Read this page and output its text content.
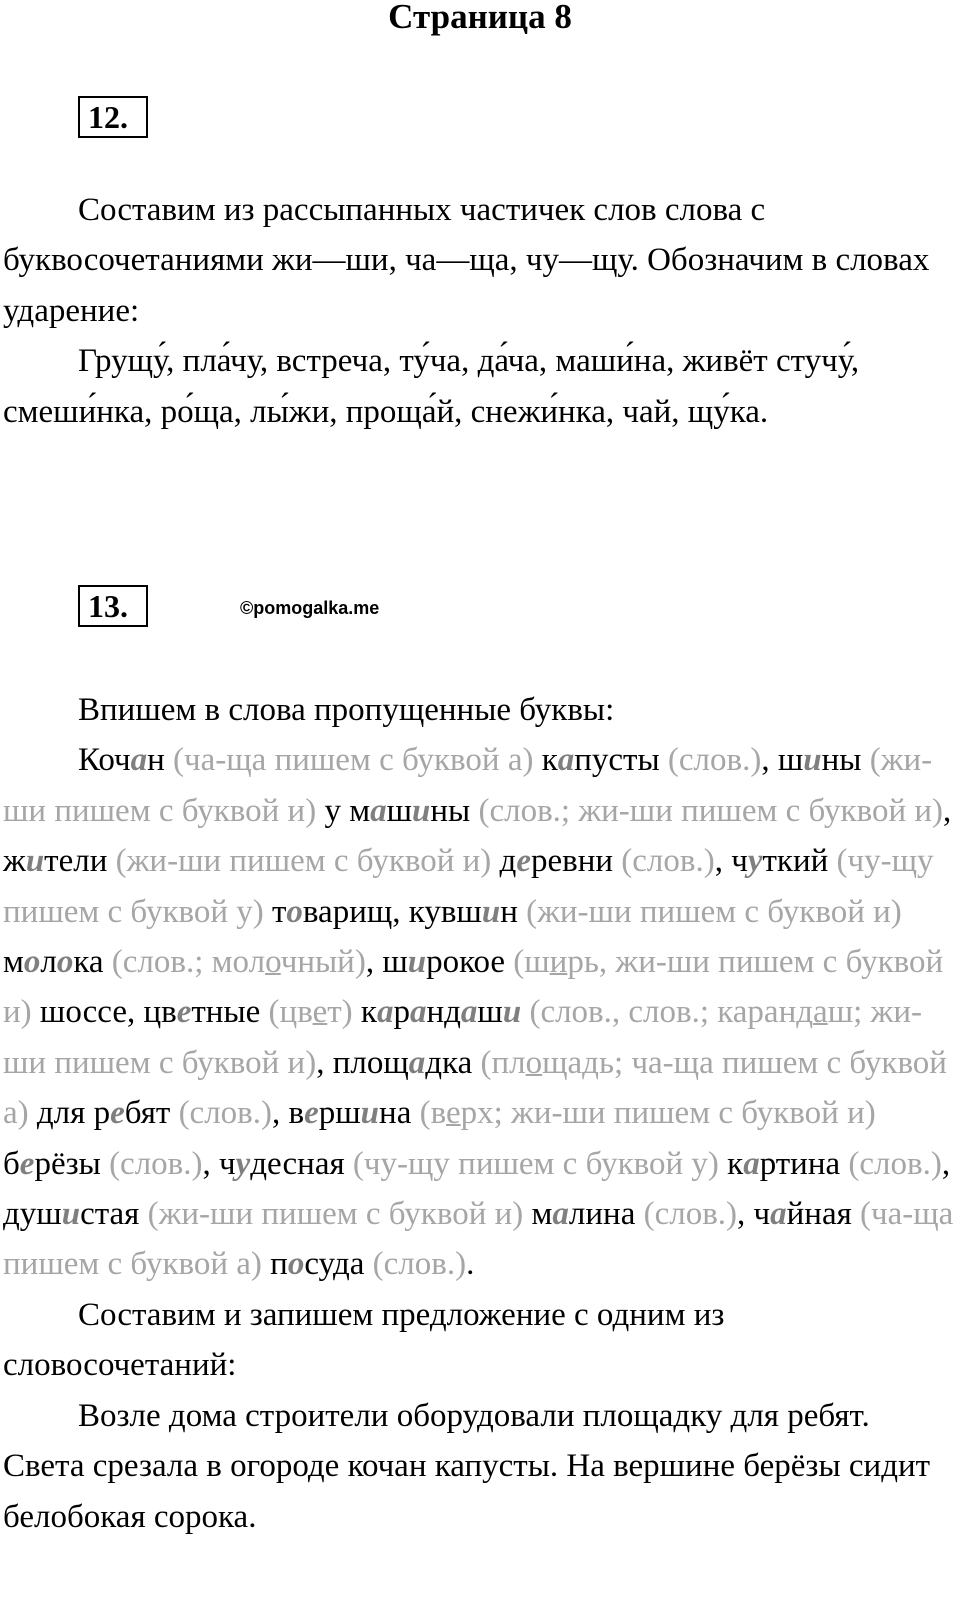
Страница 8
12.

Составим из рассыпанных частичек слов слова с буквосочетаниями жи—ши, ча—ща, чу—щу. Обозначим в словах ударение:

Грущу́, пла́чу, встреча, ту́ча, да́ча, маши́на, живёт стучу́, смеши́нка, ро́ща, лы́жи, проща́й, снежи́нка, чай, щу́ка.

13.	©pomogalka.me

Впишем в слова пропущенные буквы:

Кочан (ча-ща пишем с буквой а) капусты (слов.), шины (жи-ши пишем с буквой и) у машины (слов.; жи-ши пишем с буквой и), жители (жи-ши пишем с буквой и) деревни (слов.), чуткий (чу-щу пишем с буквой у) товарищ, кувшин (жи-ши пишем с буквой и) молока (слов.; молочный), широкое (ширь, жи-ши пишем с буквой и) шоссе, цветные (цвет) карандаши (слов., слов.; карандаш; жи-ши пишем с буквой и), площадка (площадь; ча-ща пишем с буквой а) для ребят (слов.), вершина (верх; жи-ши пишем с буквой и) берёзы (слов.), чудесная (чу-щу пишем с буквой у) картина (слов.), душистая (жи-ши пишем с буквой и) малина (слов.), чайная (ча-ща пишем с буквой а) посуда (слов.).

Составим и запишем предложение с одним из словосочетаний:

Возле дома строители оборудовали площадку для ребят. Света срезала в огороде кочан капусты. На вершине берёзы сидит белобокая сорока.
